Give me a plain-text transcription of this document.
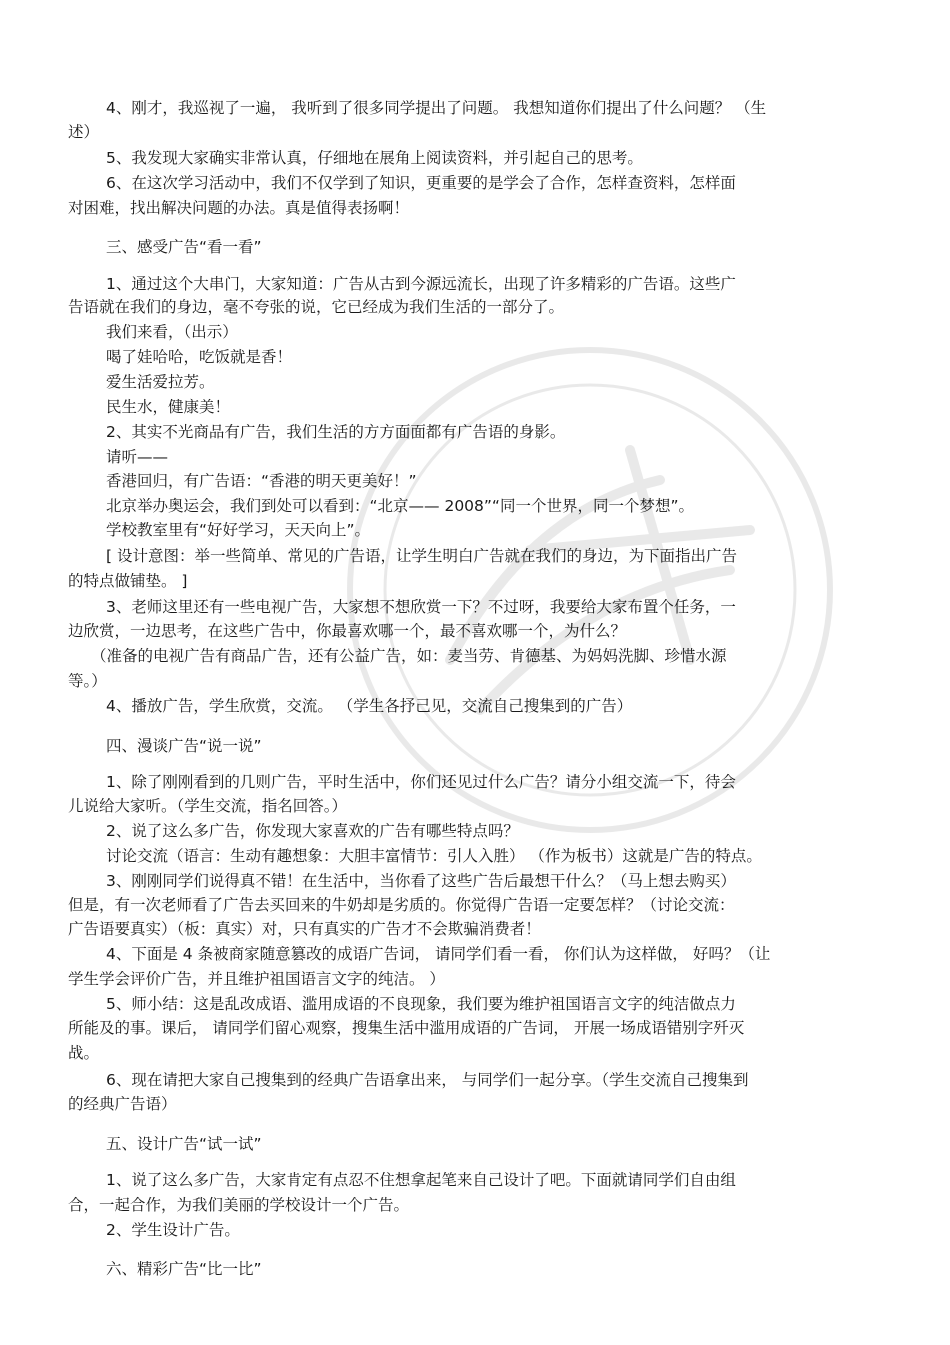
4、刚才，我巡视了一遍， 我听到了很多同学提出了问题。 我想知道你们提出了什么问题？ （生
述）
5、我发现大家确实非常认真，仔细地在展角上阅读资料，并引起自己的思考。
6、在这次学习活动中，我们不仅学到了知识，更重要的是学会了合作，怎样查资料，怎样面
对困难，找出解决问题的办法。真是值得表扬啊！
三、感受广告“看一看”
1、通过这个大串门，大家知道：广告从古到今源远流长，出现了许多精彩的广告语。这些广
告语就在我们的身边，毫不夸张的说，它已经成为我们生活的一部分了。
我们来看，（出示）
喝了娃哈哈，吃饭就是香！
爱生活爱拉芳。
民生水，健康美！
2、其实不光商品有广告，我们生活的方方面面都有广告语的身影。
请听——
香港回归，有广告语：“香港的明天更美好！”
北京举办奥运会，我们到处可以看到：“北京—— 2008”“同一个世界，同一个梦想”。
学校教室里有“好好学习，天天向上”。
[ 设计意图：举一些简单、常见的广告语，让学生明白广告就在我们的身边，为下面指出广告
的特点做铺垫。 ]
3、老师这里还有一些电视广告，大家想不想欣赏一下？不过呀，我要给大家布置个任务，一
边欣赏，一边思考，在这些广告中，你最喜欢哪一个，最不喜欢哪一个，为什么？
（准备的电视广告有商品广告，还有公益广告，如：麦当劳、肯德基、为妈妈洗脚、珍惜水源
等。）
4、播放广告，学生欣赏，交流。 （学生各抒己见，交流自己搜集到的广告）
四、漫谈广告“说一说”
1、除了刚刚看到的几则广告，平时生活中，你们还见过什么广告？请分小组交流一下，待会
儿说给大家听。（学生交流，指名回答。）
2、说了这么多广告，你发现大家喜欢的广告有哪些特点吗？
讨论交流（语言：生动有趣想象：大胆丰富情节：引人入胜） （作为板书）这就是广告的特点。
3、刚刚同学们说得真不错！在生活中，当你看了这些广告后最想干什么？（马上想去购买）
但是，有一次老师看了广告去买回来的牛奶却是劣质的。你觉得广告语一定要怎样？（讨论交流：
广告语要真实）（板：真实）对，只有真实的广告才不会欺骗消费者！
4、下面是 4 条被商家随意篡改的成语广告词， 请同学们看一看， 你们认为这样做， 好吗？（让
学生学会评价广告，并且维护祖国语言文字的纯洁。 ）
5、师小结：这是乱改成语、滥用成语的不良现象，我们要为维护祖国语言文字的纯洁做点力
所能及的事。课后， 请同学们留心观察，搜集生活中滥用成语的广告词， 开展一场成语错别字歼灭
战。
6、现在请把大家自己搜集到的经典广告语拿出来， 与同学们一起分享。（学生交流自己搜集到
的经典广告语）
五、设计广告“试一试”
1、说了这么多广告，大家肯定有点忍不住想拿起笔来自己设计了吧。下面就请同学们自由组
合，一起合作，为我们美丽的学校设计一个广告。
2、学生设计广告。
六、精彩广告“比一比”
